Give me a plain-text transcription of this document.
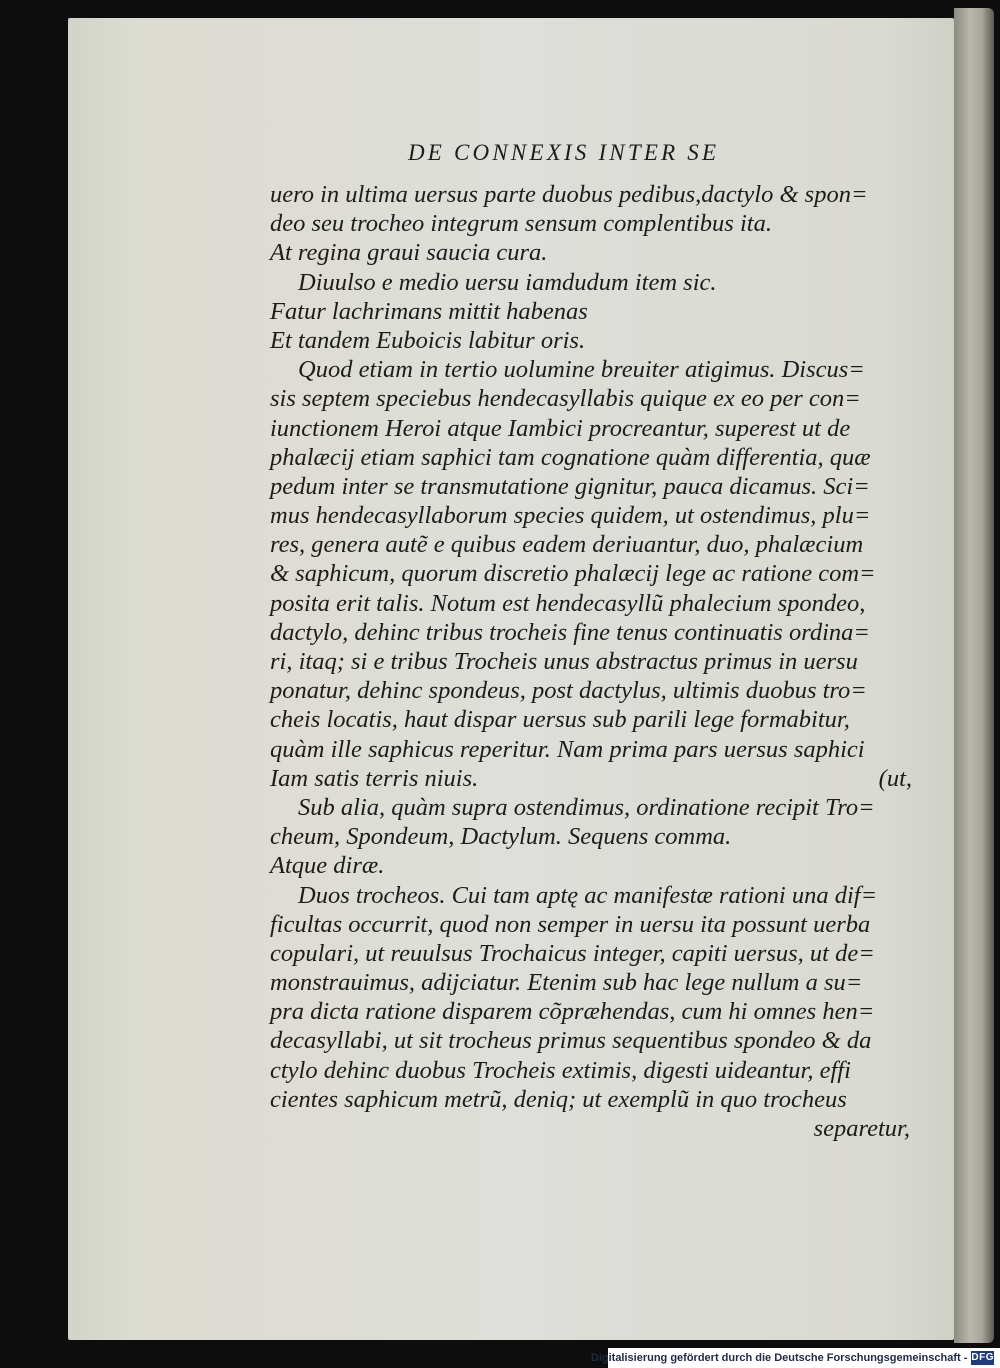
DE CONNEXIS INTER SE
uero in ultima uersus parte duobus pedibus,dactylo & spon=
deo seu trocheo integrum sensum complentibus ita.
At regina graui saucia cura.
Diuulso e medio uersu iamdudum item sic.
Fatur lachrimans mittit habenas
Et tandem Euboicis labitur oris.
Quod etiam in tertio uolumine breuiter atigimus. Discus=
sis septem speciebus hendecasyllabis quique ex eo per con=
iunctionem Heroi atque Iambici procreantur, superest ut de
phalæcij etiam saphici tam cognatione quàm differentia, quæ
pedum inter se transmutatione gignitur, pauca dicamus. Sci=
mus hendecasyllaborum species quidem, ut ostendimus, plu=
res, genera autẽ e quibus eadem deriuantur, duo, phalæcium
& saphicum, quorum discretio phalæcij lege ac ratione com=
posita erit talis. Notum est hendecasyllũ phalecium spondeo,
dactylo, dehinc tribus trocheis fine tenus continuatis ordina=
ri, itaq; si e tribus Trocheis unus abstractus primus in uersu
ponatur, dehinc spondeus, post dactylus, ultimis duobus tro=
cheis locatis, haut dispar uersus sub parili lege formabitur,
quàm ille saphicus reperitur. Nam prima pars uersus saphici
Iam satis terris niuis.	(ut,
Sub alia, quàm supra ostendimus, ordinatione recipit Tro=
cheum, Spondeum, Dactylum. Sequens comma.
Atque diræ.
Duos trocheos. Cui tam aptę ac manifestæ rationi una dif=
ficultas occurrit, quod non semper in uersu ita possunt uerba
copulari, ut reuulsus Trochaicus integer, capiti uersus, ut de=
monstrauimus, adijciatur. Etenim sub hac lege nullum a su=
pra dicta ratione disparem cõpræhendas, cum hi omnes hen=
decasyllabi, ut sit trocheus primus sequentibus spondeo & da
ctylo dehinc duobus Trocheis extimis, digesti uideantur, effi
cientes saphicum metrũ, deniq; ut exemplũ in quo trocheus
separetur,
Digitalisierung gefördert durch die Deutsche Forschungsgemeinschaft - DFG
